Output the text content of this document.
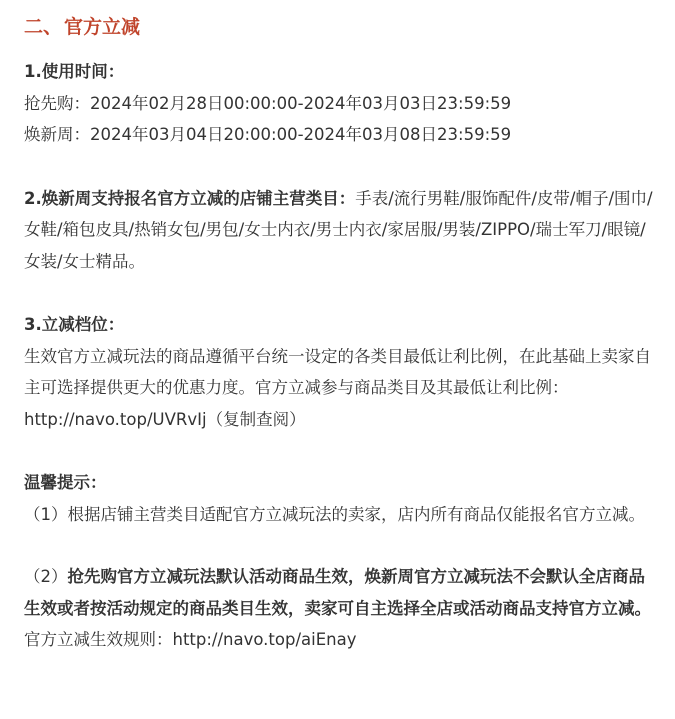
二、 官方立减

1.使用时间：

抢先购：2024年02月28日00:00:00-2024年03月03日23:59:59

焕新周：2024年03月04日20:00:00-2024年03月08日23:59:59

2.焕新周支持报名官方立减的店铺主营类目：手表/流行男鞋/服饰配件/皮带/帽子/围巾/女鞋/箱包皮具/热销女包/男包/女士内衣/男士内衣/家居服/男装/ZIPPO/瑞士军刀/眼镜/女装/女士精品。

3.立减档位：

生效官方立减玩法的商品遵循平台统一设定的各类目最低让利比例，在此基础上卖家自主可选择提供更大的优惠力度。官方立减参与商品类目及其最低让利比例：http://navo.top/UVRvIj（复制查阅）

温馨提示：

（1）根据店铺主营类目适配官方立减玩法的卖家，店内所有商品仅能报名官方立减。

（2）抢先购官方立减玩法默认活动商品生效，焕新周官方立减玩法不会默认全店商品生效或者按活动规定的商品类目生效，卖家可自主选择全店或活动商品支持官方立减。官方立减生效规则：http://navo.top/aiEnay
